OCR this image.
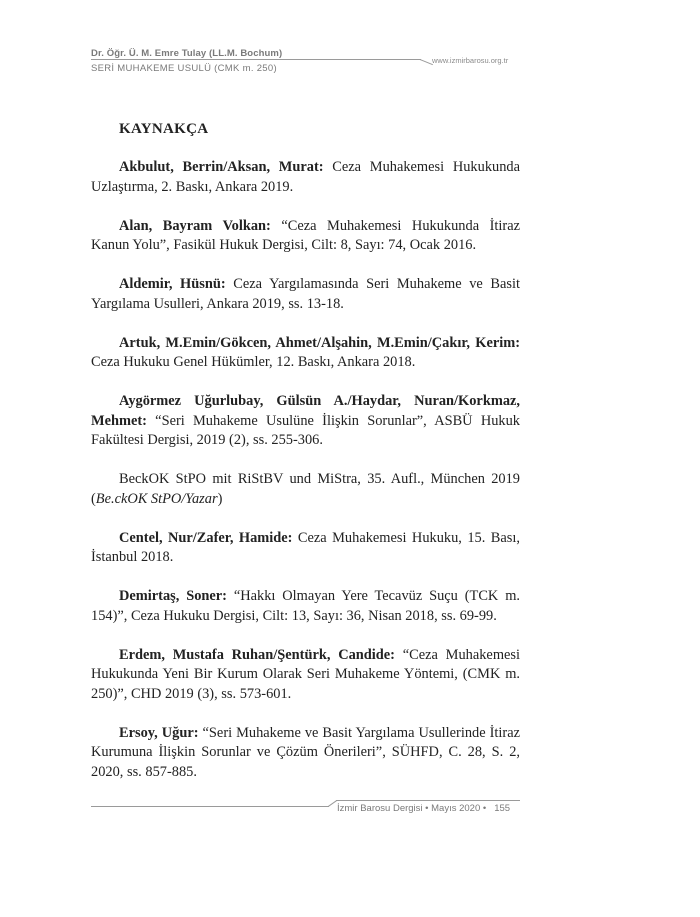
Dr. Öğr. Ü. M. Emre Tulay (LL.M. Bochum)
SERİ MUHAKEME USULÜ (CMK m. 250)
www.izmirbarosu.org.tr
KAYNAKÇA

Akbulut, Berrin/Aksan, Murat: Ceza Muhakemesi Hukukunda Uzlaştırma, 2. Baskı, Ankara 2019.

Alan, Bayram Volkan: “Ceza Muhakemesi Hukukunda İtiraz Kanun Yolu”, Fasikül Hukuk Dergisi, Cilt: 8, Sayı: 74, Ocak 2016.

Aldemir, Hüsnü: Ceza Yargılamasında Seri Muhakeme ve Basit Yargılama Usulleri, Ankara 2019, ss. 13-18.

Artuk, M.Emin/Gökcen, Ahmet/Alşahin, M.Emin/Çakır, Kerim: Ceza Hukuku Genel Hükümler, 12. Baskı, Ankara 2018.

Aygörmez Uğurlubay, Gülsün A./Haydar, Nuran/Korkmaz, Mehmet: “Seri Muhakeme Usulüne İlişkin Sorunlar”, ASBÜ Hukuk Fakültesi Dergisi, 2019 (2), ss. 255-306.

BeckOK StPO mit RiStBV und MiStra, 35. Aufl., München 2019 (Be.ckOK StPO/Yazar)

Centel, Nur/Zafer, Hamide: Ceza Muhakemesi Hukuku, 15. Bası, İstanbul 2018.

Demirtaş, Soner: “Hakkı Olmayan Yere Tecavüz Suçu (TCK m. 154)”, Ceza Hukuku Dergisi, Cilt: 13, Sayı: 36, Nisan 2018, ss. 69-99.

Erdem, Mustafa Ruhan/Şentürk, Candide: “Ceza Muhakemesi Hukukunda Yeni Bir Kurum Olarak Seri Muhakeme Yöntemi, (CMK m. 250)”, CHD 2019 (3), ss. 573-601.

Ersoy, Uğur: “Seri Muhakeme ve Basit Yargılama Usullerinde İtiraz Kurumuna İlişkin Sorunlar ve Çözüm Önerileri”, SÜHFD, C. 28, S. 2, 2020, ss. 857-885.

İzmir Barosu Dergisi • Mayıs 2020 • 155
